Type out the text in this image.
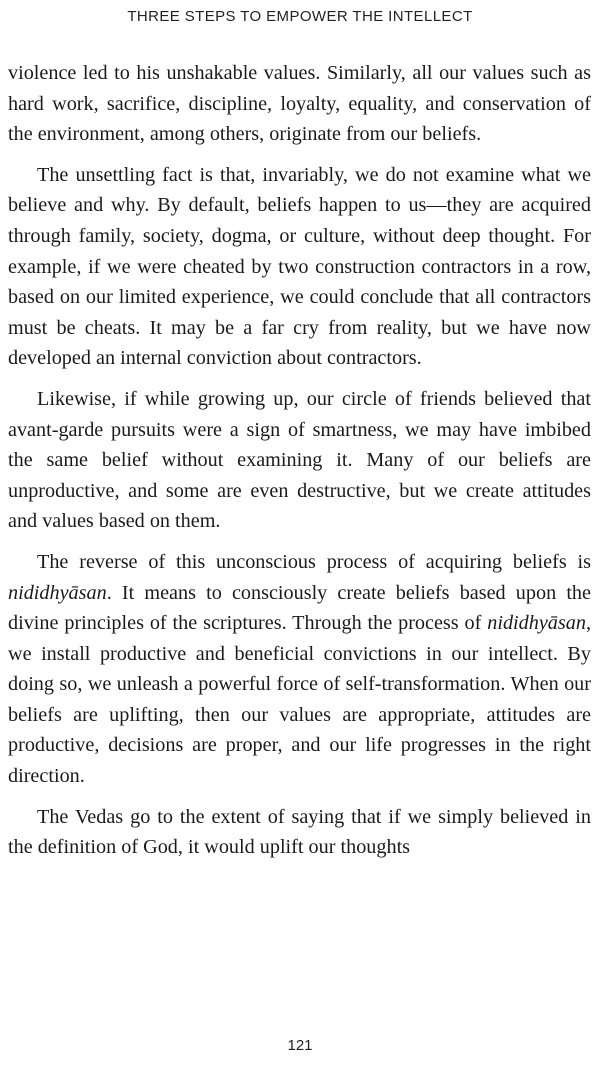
THREE STEPS TO EMPOWER THE INTELLECT

violence led to his unshakable values. Similarly, all our values such as hard work, sacrifice, discipline, loyalty, equality, and conservation of the environment, among others, originate from our beliefs.

The unsettling fact is that, invariably, we do not examine what we believe and why. By default, beliefs happen to us—they are acquired through family, society, dogma, or culture, without deep thought. For example, if we were cheated by two construction contractors in a row, based on our limited experience, we could conclude that all contractors must be cheats. It may be a far cry from reality, but we have now developed an internal conviction about contractors.

Likewise, if while growing up, our circle of friends believed that avant-garde pursuits were a sign of smartness, we may have imbibed the same belief without examining it. Many of our beliefs are unproductive, and some are even destructive, but we create attitudes and values based on them.

The reverse of this unconscious process of acquiring beliefs is nididhyāsan. It means to consciously create beliefs based upon the divine principles of the scriptures. Through the process of nididhyāsan, we install productive and beneficial convictions in our intellect. By doing so, we unleash a powerful force of self-transformation. When our beliefs are uplifting, then our values are appropriate, attitudes are productive, decisions are proper, and our life progresses in the right direction.

The Vedas go to the extent of saying that if we simply believed in the definition of God, it would uplift our thoughts

121
